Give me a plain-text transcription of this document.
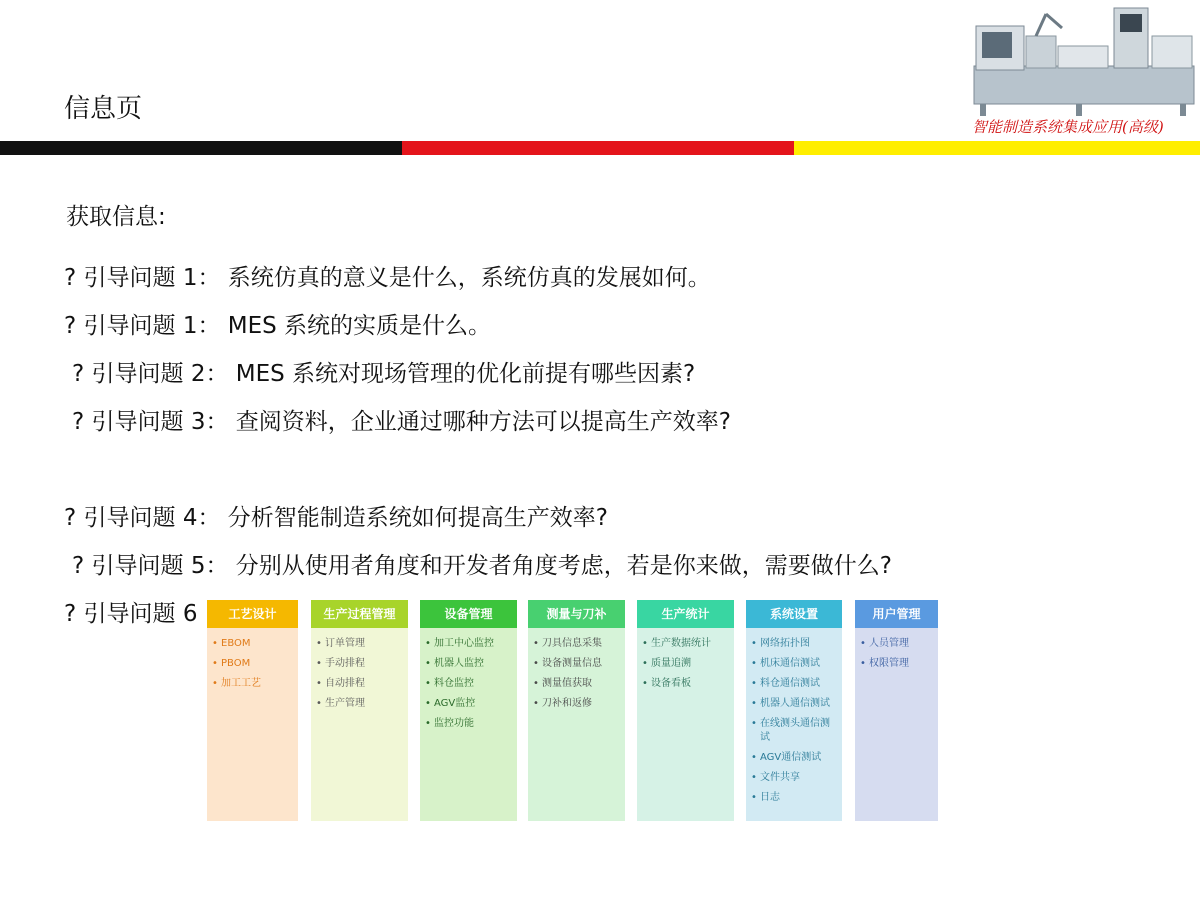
信息页
智能制造系统集成应用(高级)
获取信息:
? 引导问题 1： 系统仿真的意义是什么，系统仿真的发展如何。
? 引导问题 1： MES 系统的实质是什么。
? 引导问题 2： MES 系统对现场管理的优化前提有哪些因素?
? 引导问题 3： 查阅资料，企业通过哪种方法可以提高生产效率?
? 引导问题 4： 分析智能制造系统如何提高生产效率?
? 引导问题 5： 分别从使用者角度和开发者角度考虑，若是你来做，需要做什么?
? 引导问题 6	工艺设计
• EBOM
• PBOM
• 加工工艺
生产过程管理
• 订单管理
• 手动排程
• 自动排程
• 生产管理
设备管理
• 加工中心监控
• 机器人监控
• 料仓监控
• AGV监控
• 监控功能
测量与刀补
• 刀具信息采集
• 设备测量信息
• 测量值获取
• 刀补和返修
生产统计
• 生产数据统计
• 质量追溯
• 设备看板
系统设置
• 网络拓扑图
• 机床通信测试
• 料仓通信测试
• 机器人通信测试
• 在线测头通信测试
• AGV通信测试
• 文件共享
• 日志
用户管理
• 人员管理
• 权限管理
